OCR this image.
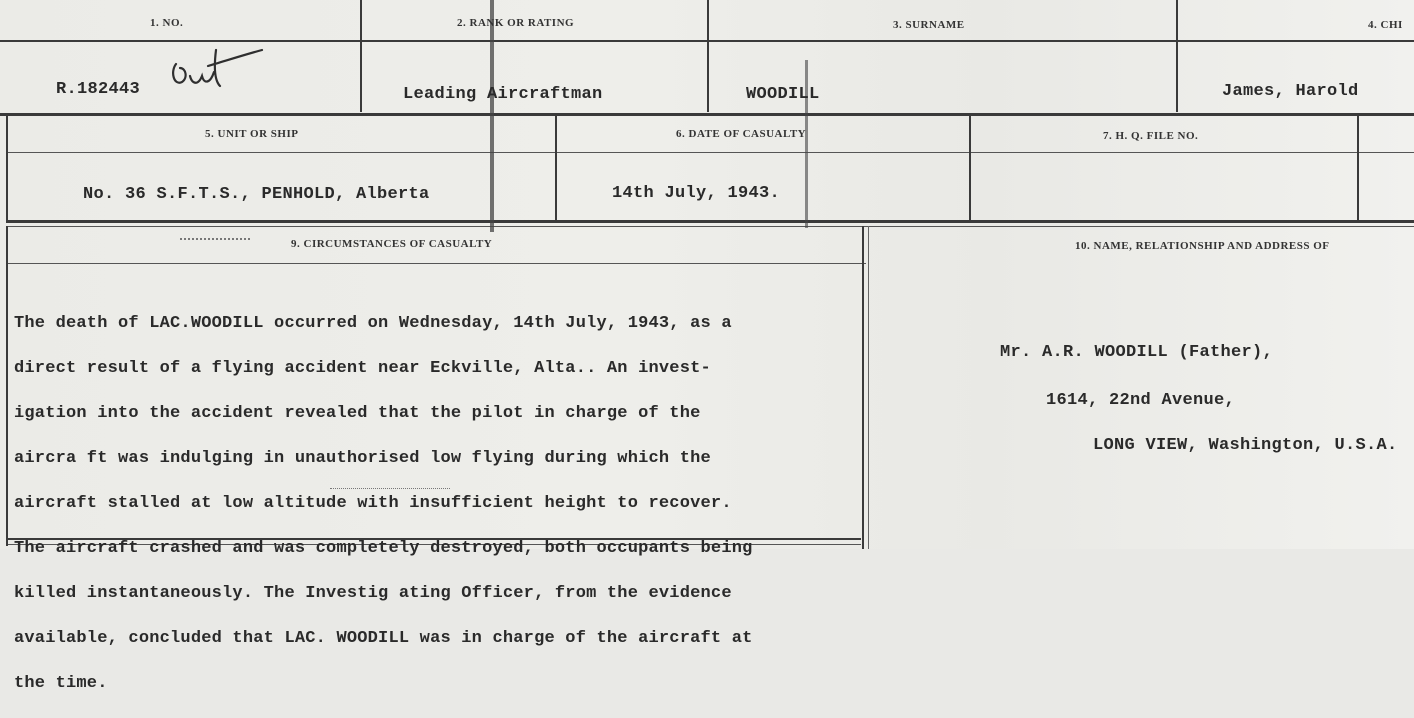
1. NO.	2. RANK OR RATING	3. SURNAME	4. CHI
R.182443	Leading Aircraftman	WOODILL	James, Harold
5. UNIT OR SHIP	6. DATE OF CASUALTY	7. H. Q. FILE NO.
No. 36 S.F.T.S., PENHOLD, Alberta	14th July, 1943.
9. CIRCUMSTANCES OF CASUALTY	10. NAME, RELATIONSHIP AND ADDRESS OF

The death of LAC.WOODILL occurred on Wednesday, 14th July, 1943, as a

direct result of a flying accident near Eckville, Alta.. An invest-

igation into the accident revealed that the pilot in charge of the

aircra ft was indulging in unauthorised low flying during which the

aircraft stalled at low altitude with insufficient height to recover.

The aircraft crashed and was completely destroyed, both occupants being

killed instantaneously. The Investig ating Officer, from the evidence

available, concluded that LAC. WOODILL was in charge of the aircraft at

the time.

Mr. A.R. WOODILL (Father),
1614, 22nd Avenue,
LONG VIEW, Washington, U.S.A.
